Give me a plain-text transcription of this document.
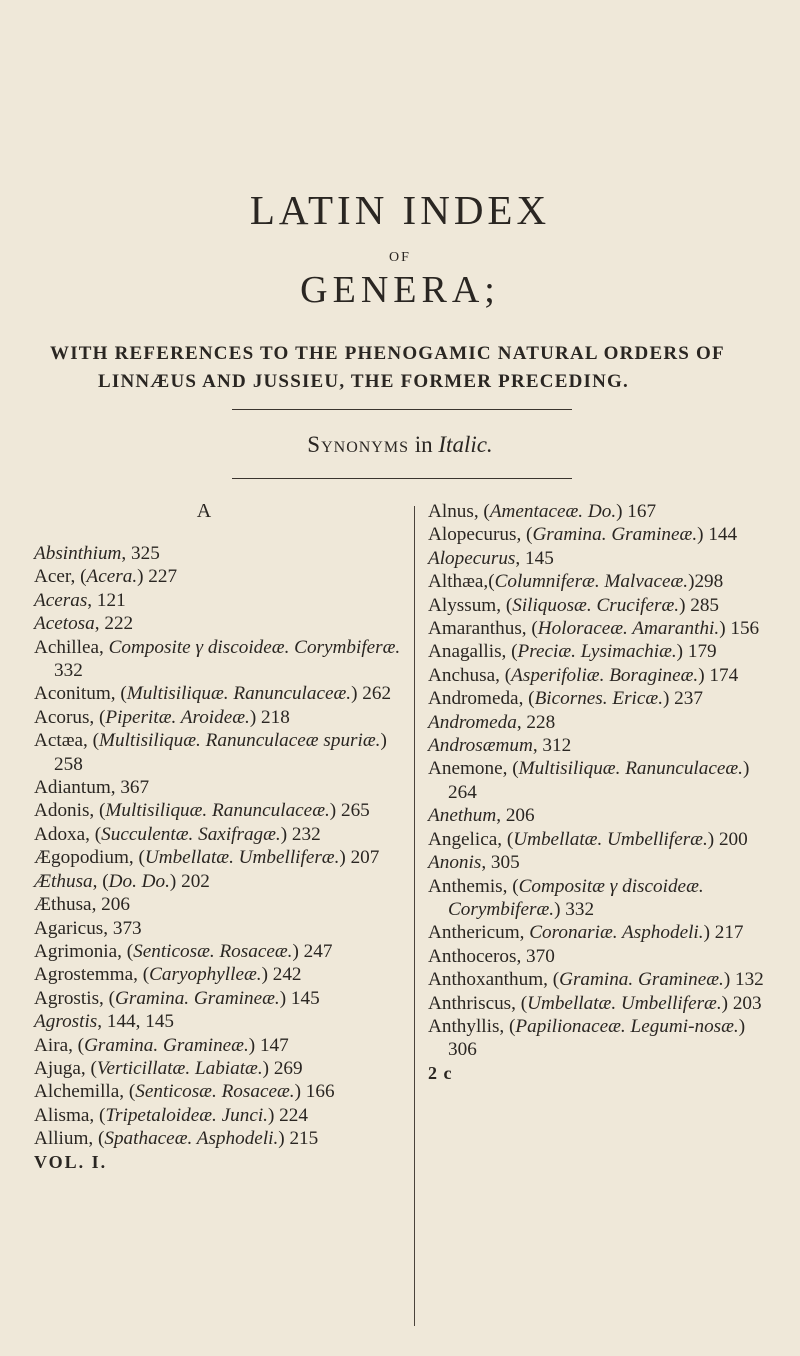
LATIN INDEX
OF
GENERA;
WITH REFERENCES TO THE PHENOGAMIC NATURAL ORDERS OF
LINNÆUS AND JUSSIEU, THE FORMER PRECEDING.
Synonyms in Italic.
A

Absinthium, 325

Acer, (Acera.) 227

Aceras, 121

Acetosa, 222

Achillea, Composite γ discoideæ. Corymbiferæ. 332

Aconitum, (Multisiliquæ. Ranunculaceæ.) 262

Acorus, (Piperitæ. Aroideæ.) 218

Actæa, (Multisiliquæ. Ranunculaceæ spuriæ.) 258

Adiantum, 367

Adonis, (Multisiliquæ. Ranunculaceæ.) 265

Adoxa, (Succulentæ. Saxifragæ.) 232

Ægopodium, (Umbellatæ. Umbelliferæ.) 207

Æthusa, (Do. Do.) 202

Æthusa, 206

Agaricus, 373

Agrimonia, (Senticosæ. Rosaceæ.) 247

Agrostemma, (Caryophylleæ.) 242

Agrostis, (Gramina. Gramineæ.) 145

Agrostis, 144, 145

Aira, (Gramina. Gramineæ.) 147

Ajuga, (Verticillatæ. Labiatæ.) 269

Alchemilla, (Senticosæ. Rosaceæ.) 166

Alisma, (Tripetaloideæ. Junci.) 224

Allium, (Spathaceæ. Asphodeli.) 215

VOL. I.

Alnus, (Amentaceæ. Do.) 167

Alopecurus, (Gramina. Gramineæ.) 144

Alopecurus, 145

Althæa,(Columniferæ. Malvaceæ.)298

Alyssum, (Siliquosæ. Cruciferæ.) 285

Amaranthus, (Holoraceæ. Amaranthi.) 156

Anagallis, (Preciæ. Lysimachiæ.) 179

Anchusa, (Asperifoliæ. Boragineæ.) 174

Andromeda, (Bicornes. Ericæ.) 237

Andromeda, 228

Androsæmum, 312

Anemone, (Multisiliquæ. Ranunculaceæ.) 264

Anethum, 206

Angelica, (Umbellatæ. Umbelliferæ.) 200

Anonis, 305

Anthemis, (Compositæ γ discoideæ. Corymbiferæ.) 332

Anthericum, Coronariæ. Asphodeli.) 217

Anthoceros, 370

Anthoxanthum, (Gramina. Gramineæ.) 132

Anthriscus, (Umbellatæ. Umbelliferæ.) 203

Anthyllis, (Papilionaceæ. Legumi-nosæ.) 306

2 c
